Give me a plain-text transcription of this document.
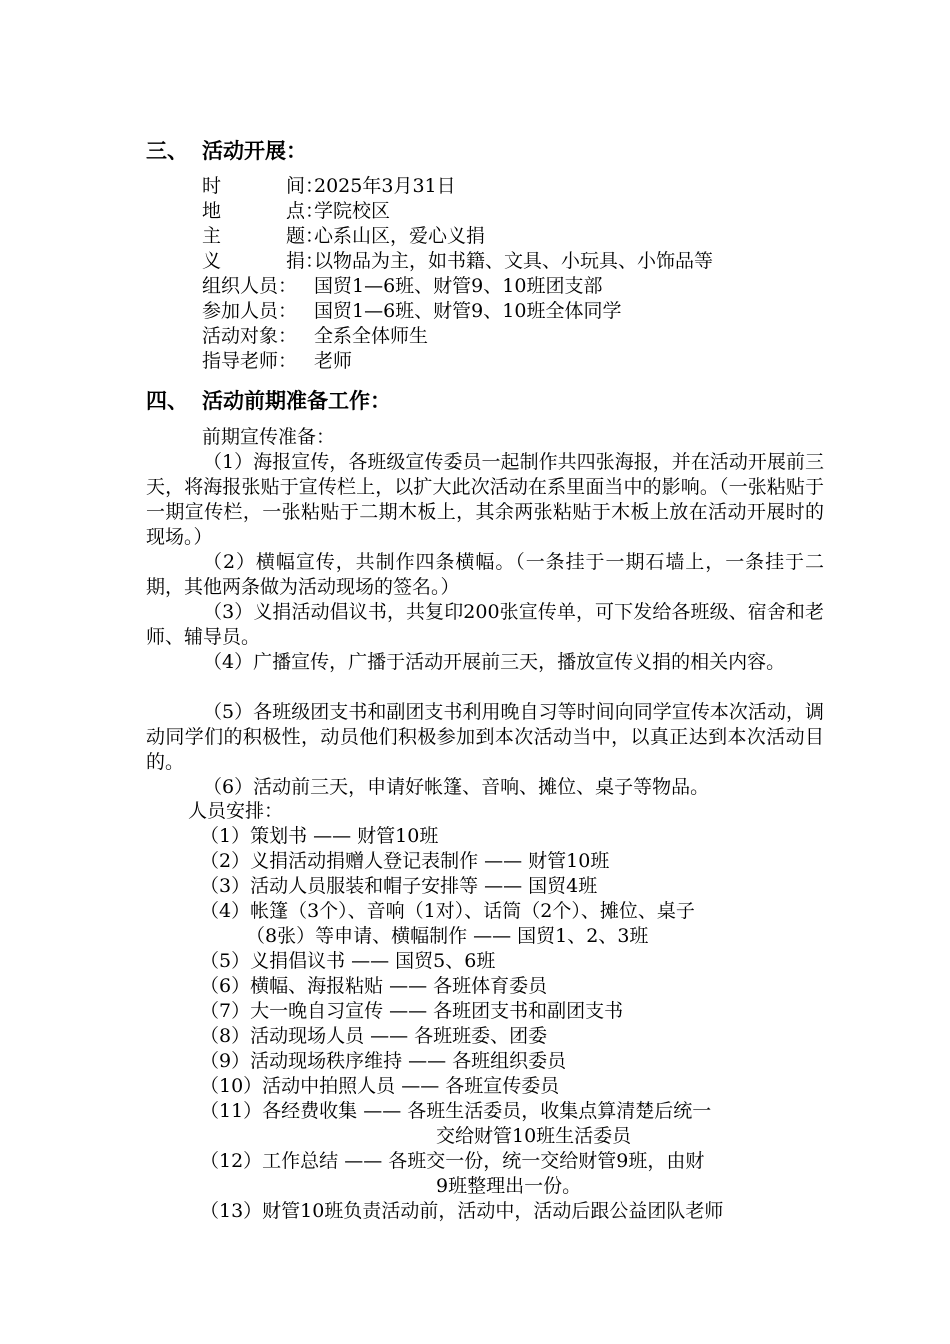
三、 活动开展：
时	间：2025年3月31日
地	点：学院校区
主	题：心系山区，爱心义捐
义	捐：以物品为主，如书籍、文具、小玩具、小饰品等
组织人员： 国贸1—6班、财管9、10班团支部
参加人员： 国贸1—6班、财管9、10班全体同学
活动对象： 全系全体师生
指导老师： 老师
四、 活动前期准备工作：
前期宣传准备：
（1）海报宣传，各班级宣传委员一起制作共四张海报，并在活动开展前三天，将海报张贴于宣传栏上，以扩大此次活动在系里面当中的影响。（一张粘贴于一期宣传栏，一张粘贴于二期木板上，其余两张粘贴于木板上放在活动开展时的现场。）
（2）横幅宣传，共制作四条横幅。（一条挂于一期石墙上，一条挂于二期，其他两条做为活动现场的签名。）
（3）义捐活动倡议书，共复印200张宣传单，可下发给各班级、宿舍和老师、辅导员。
（4）广播宣传，广播于活动开展前三天，播放宣传义捐的相关内容。
（5）各班级团支书和副团支书利用晚自习等时间向同学宣传本次活动，调动同学们的积极性，动员他们积极参加到本次活动当中，以真正达到本次活动目的。
（6）活动前三天，申请好帐篷、音响、摊位、桌子等物品。
人员安排：
（1）策划书 —— 财管10班
（2）义捐活动捐赠人登记表制作 —— 财管10班
（3）活动人员服装和帽子安排等 —— 国贸4班
（4）帐篷（3个）、音响（1对）、话筒（2个）、摊位、桌子
（8张）等申请、横幅制作 —— 国贸1、2、3班
（5）义捐倡议书 —— 国贸5、6班
（6）横幅、海报粘贴 —— 各班体育委员
（7）大一晚自习宣传 —— 各班团支书和副团支书
（8）活动现场人员 —— 各班班委、团委
（9）活动现场秩序维持 —— 各班组织委员
（10）活动中拍照人员 —— 各班宣传委员
（11）各经费收集 —— 各班生活委员，收集点算清楚后统一
交给财管10班生活委员
（12）工作总结 —— 各班交一份，统一交给财管9班，由财
9班整理出一份。
（13）财管10班负责活动前，活动中，活动后跟公益团队老师
